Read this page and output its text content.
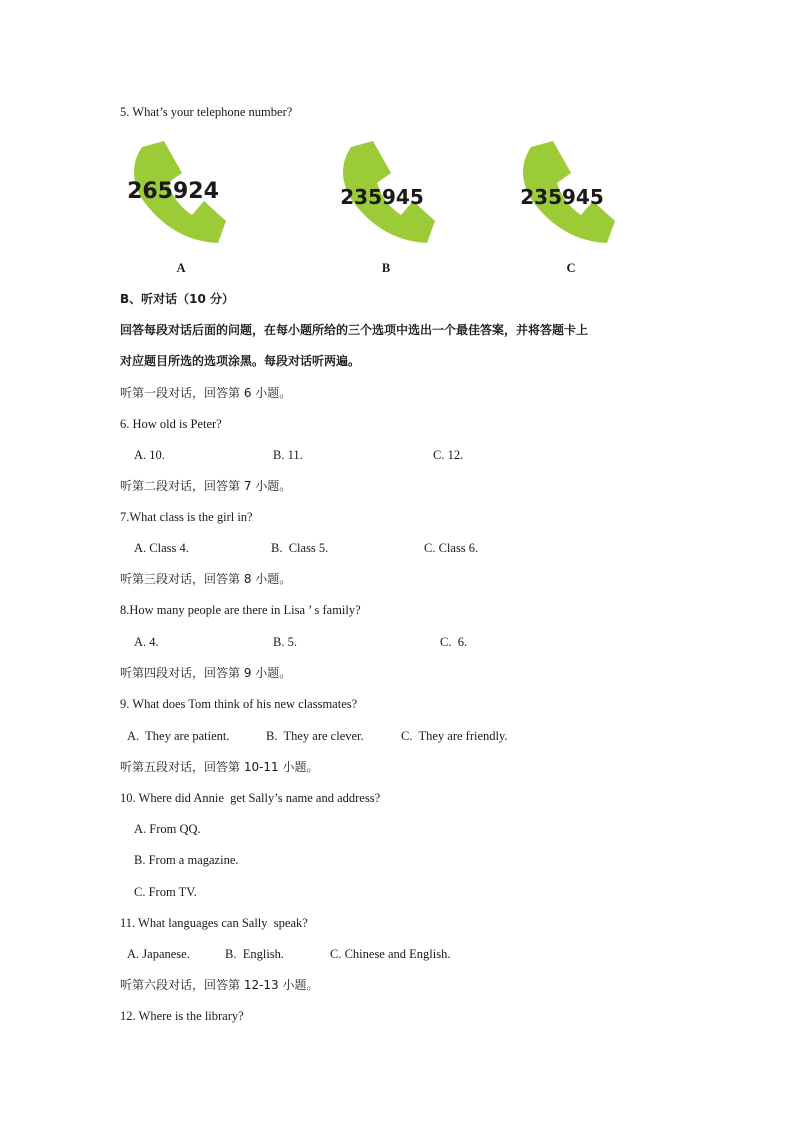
5. What’s your telephone number?
265924	235945	235945
A	B	C
B、听对话（10 分）
回答每段对话后面的问题，在每小题所给的三个选项中选出一个最佳答案，并将答题卡上
对应题目所选的选项涂黑。每段对话听两遍。
听第一段对话，回答第 6 小题。
6. How old is Peter?
A. 10.	B. 11.	C. 12.
听第二段对话，回答第 7 小题。
7.What class is the girl in?
A. Class 4.	B.  Class 5.	C. Class 6.
听第三段对话，回答第 8 小题。
8.How many people are there in Lisa ’ s family?
A. 4.	B. 5.	C.  6.
听第四段对话，回答第 9 小题。
9. What does Tom think of his new classmates?
A.  They are patient.	B.  They are clever.	C.  They are friendly.
听第五段对话，回答第 10-11 小题。
10. Where did Annie  get Sally’s name and address?
A. From QQ.
B. From a magazine.
C. From TV.
11. What languages can Sally  speak?
A. Japanese.	B.  English.	C. Chinese and English.
听第六段对话，回答第 12-13 小题。
12. Where is the library?
